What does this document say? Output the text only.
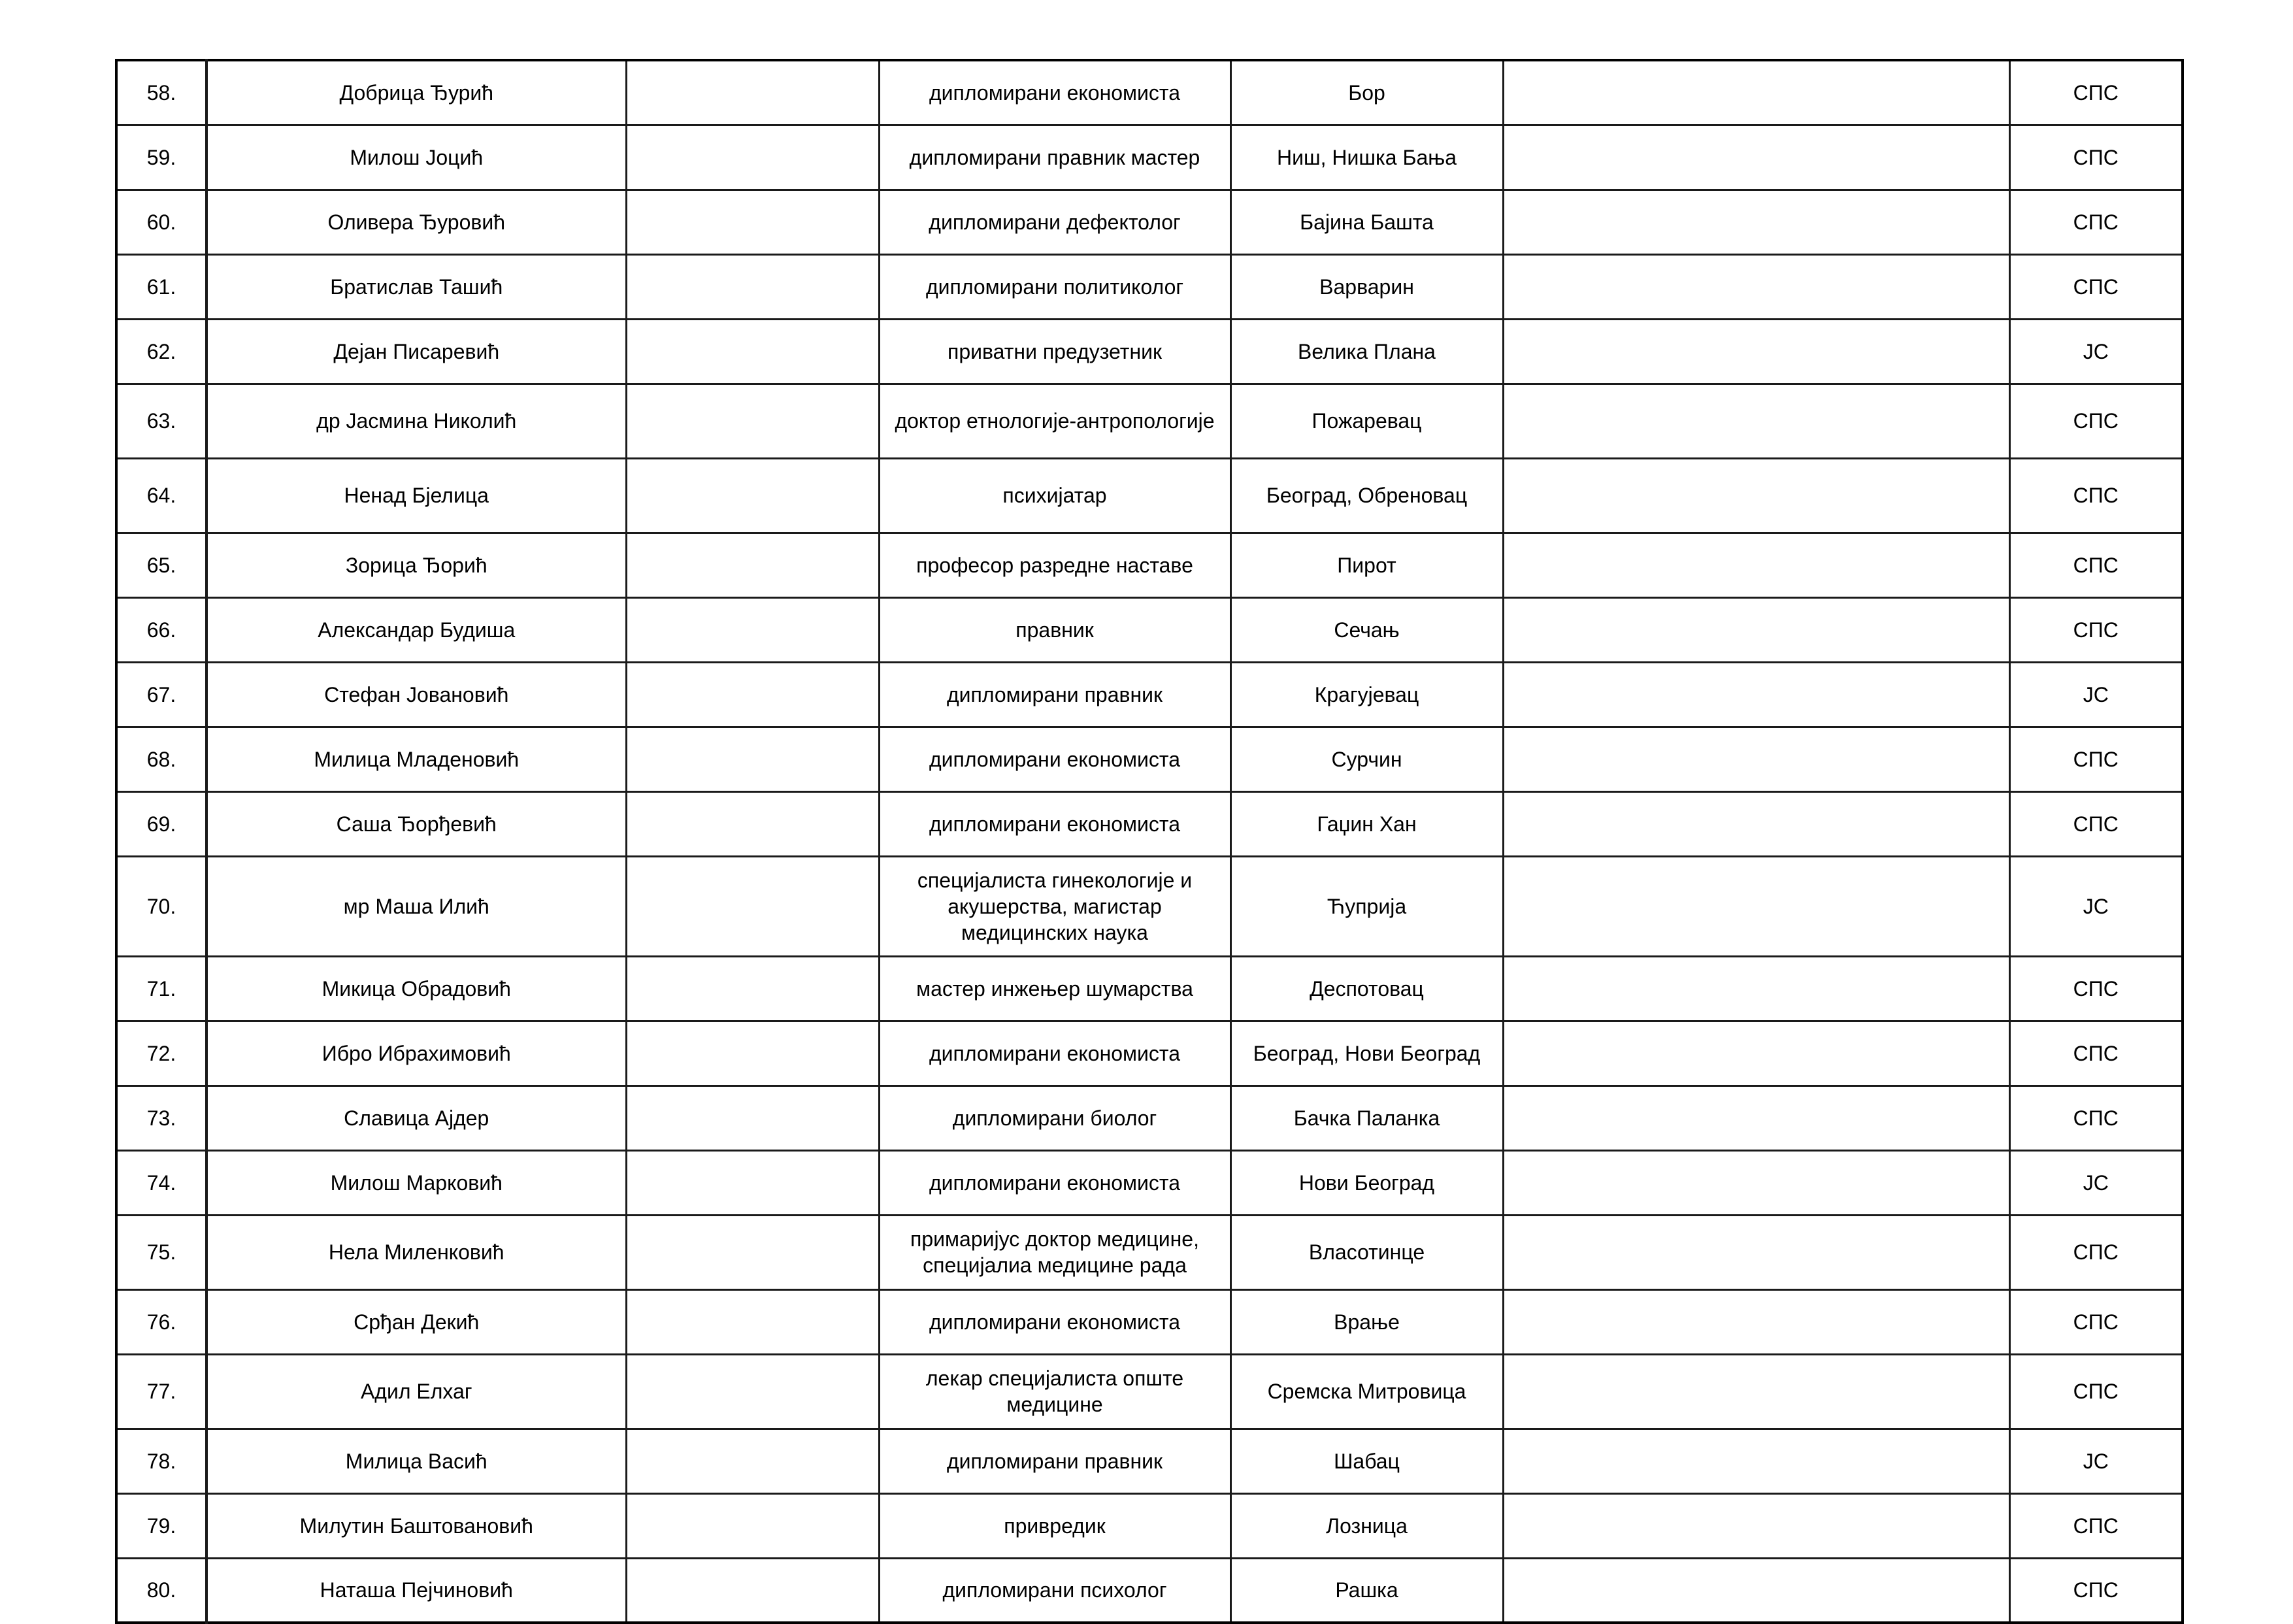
58.	Добрица Ђурић		дипломирани економиста	Бор		СПС
59.	Милош Јоцић		дипломирани правник мастер	Ниш, Нишка Бања		СПС
60.	Оливера Ђуровић		дипломирани дефектолог	Бајина Башта		СПС
61.	Братислав Ташић		дипломирани политиколог	Варварин		СПС
62.	Дејан Писаревић		приватни предузетник	Велика Плана		ЈС
63.	др Јасмина Николић		доктор етнологије-антропологије	Пожаревац		СПС
64.	Ненад Бјелица		психијатар	Београд, Обреновац		СПС
65.	Зорица Ђорић		професор разредне наставе	Пирот		СПС
66.	Александар Будиша		правник	Сечањ		СПС
67.	Стефан Јовановић		дипломирани правник	Крагујевац		ЈС
68.	Милица Младеновић		дипломирани економиста	Сурчин		СПС
69.	Саша Ђорђевић		дипломирани економиста	Гаџин Хан		СПС
70.	мр Маша Илић		специјалиста гинекологије и акушерства, магистар медицинских наука	Ћуприја		ЈС
71.	Микица Обрадовић		мастер инжењер шумарства	Деспотовац		СПС
72.	Ибро Ибрахимовић		дипломирани економиста	Београд, Нови Београд		СПС
73.	Славица Ајдер		дипломирани биолог	Бачка Паланка		СПС
74.	Милош Марковић		дипломирани економиста	Нови Београд		ЈС
75.	Нела Миленковић		примаријус доктор медицине, специјалиа медицине рада	Власотинце		СПС
76.	Срђан Декић		дипломирани економиста	Врање		СПС
77.	Адил Елхаг		лекар специјалиста опште медицине	Сремска Митровица		СПС
78.	Милица Васић		дипломирани правник	Шабац		ЈС
79.	Милутин Баштовановић		привредик	Лозница		СПС
80.	Наташа Пејчиновић		дипломирани психолог	Рашка		СПС
